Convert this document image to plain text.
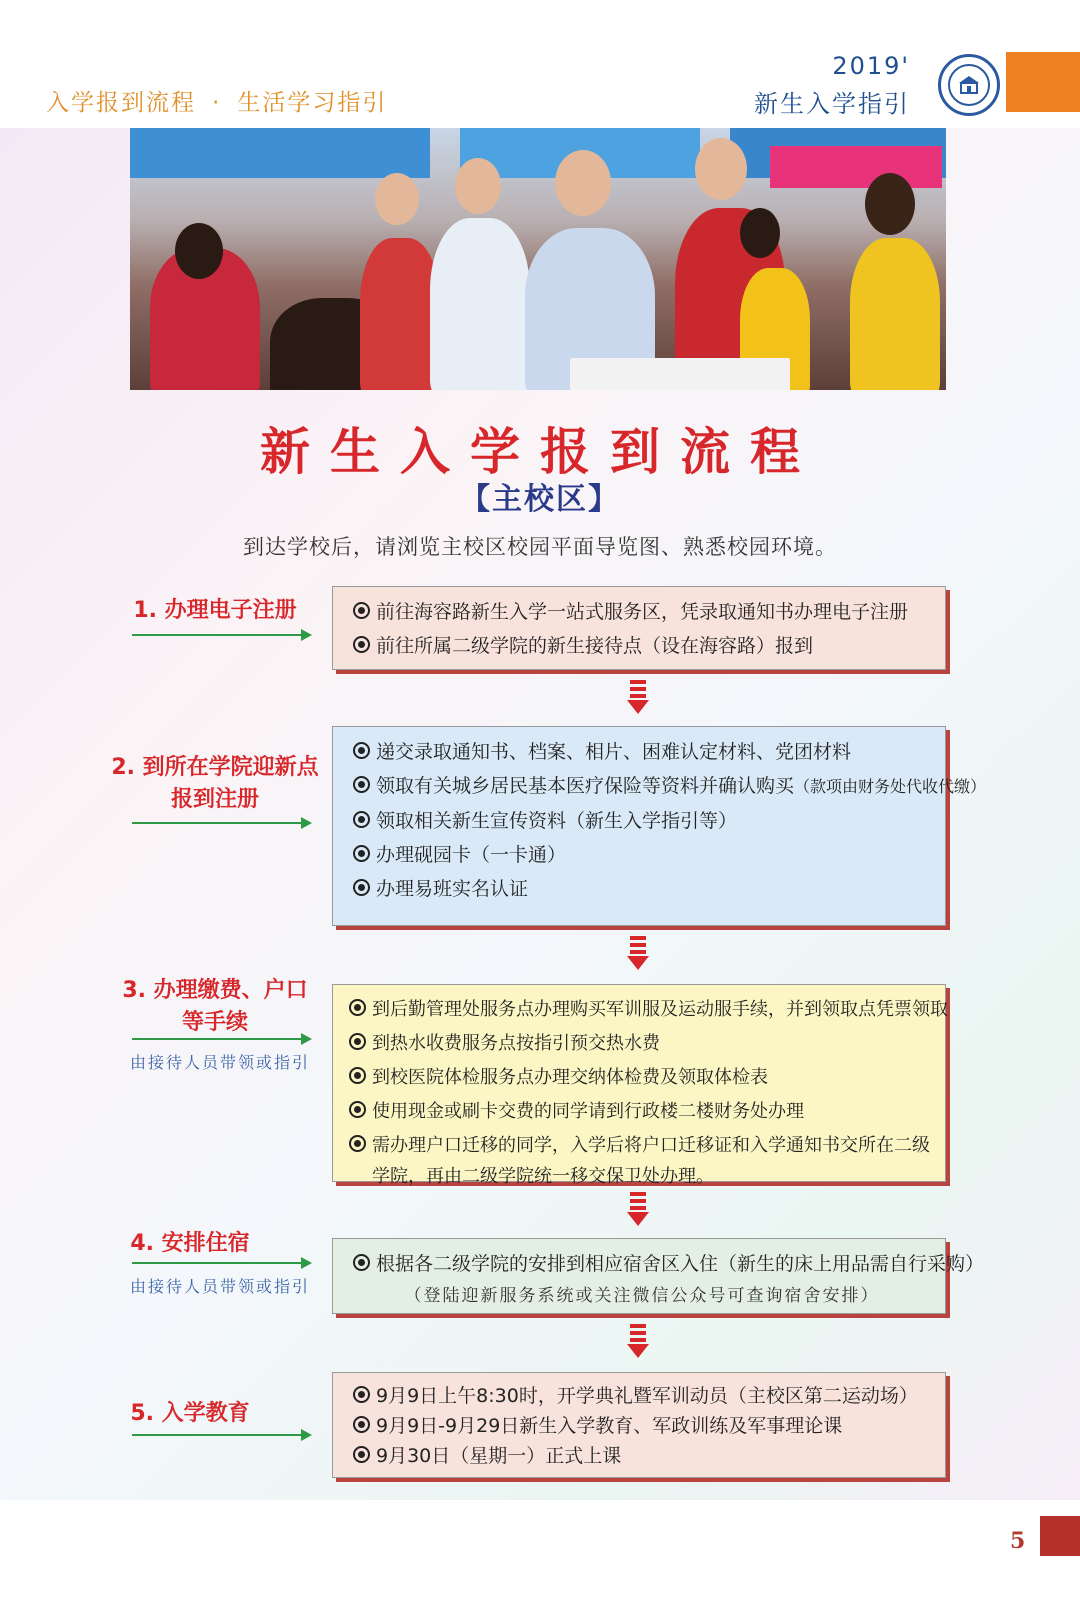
入学报到流程 · 生活学习指引
2019'
新生入学指引
新生入学报到流程
【主校区】
到达学校后，请浏览主校区校园平面导览图、熟悉校园环境。
1. 办理电子注册	前往海容路新生入学一站式服务区，凭录取通知书办理电子注册
前往所属二级学院的新生接待点（设在海容路）报到
2. 到所在学院迎新点
报到注册
递交录取通知书、档案、相片、困难认定材料、党团材料
领取有关城乡居民基本医疗保险等资料并确认购买（款项由财务处代收代缴）
领取相关新生宣传资料（新生入学指引等）
办理砚园卡（一卡通）
办理易班实名认证
3. 办理缴费、户口
等手续
由接待人员带领或指引
到后勤管理处服务点办理购买军训服及运动服手续，并到领取点凭票领取
到热水收费服务点按指引预交热水费
到校医院体检服务点办理交纳体检费及领取体检表
使用现金或刷卡交费的同学请到行政楼二楼财务处办理
需办理户口迁移的同学，入学后将户口迁移证和入学通知书交所在二级
学院，再由二级学院统一移交保卫处办理。
4. 安排住宿
由接待人员带领或指引
根据各二级学院的安排到相应宿舍区入住（新生的床上用品需自行采购）
（登陆迎新服务系统或关注微信公众号可查询宿舍安排）
5. 入学教育
9月9日上午8:30时，开学典礼暨军训动员（主校区第二运动场）
9月9日-9月29日新生入学教育、军政训练及军事理论课
9月30日（星期一）正式上课
5
